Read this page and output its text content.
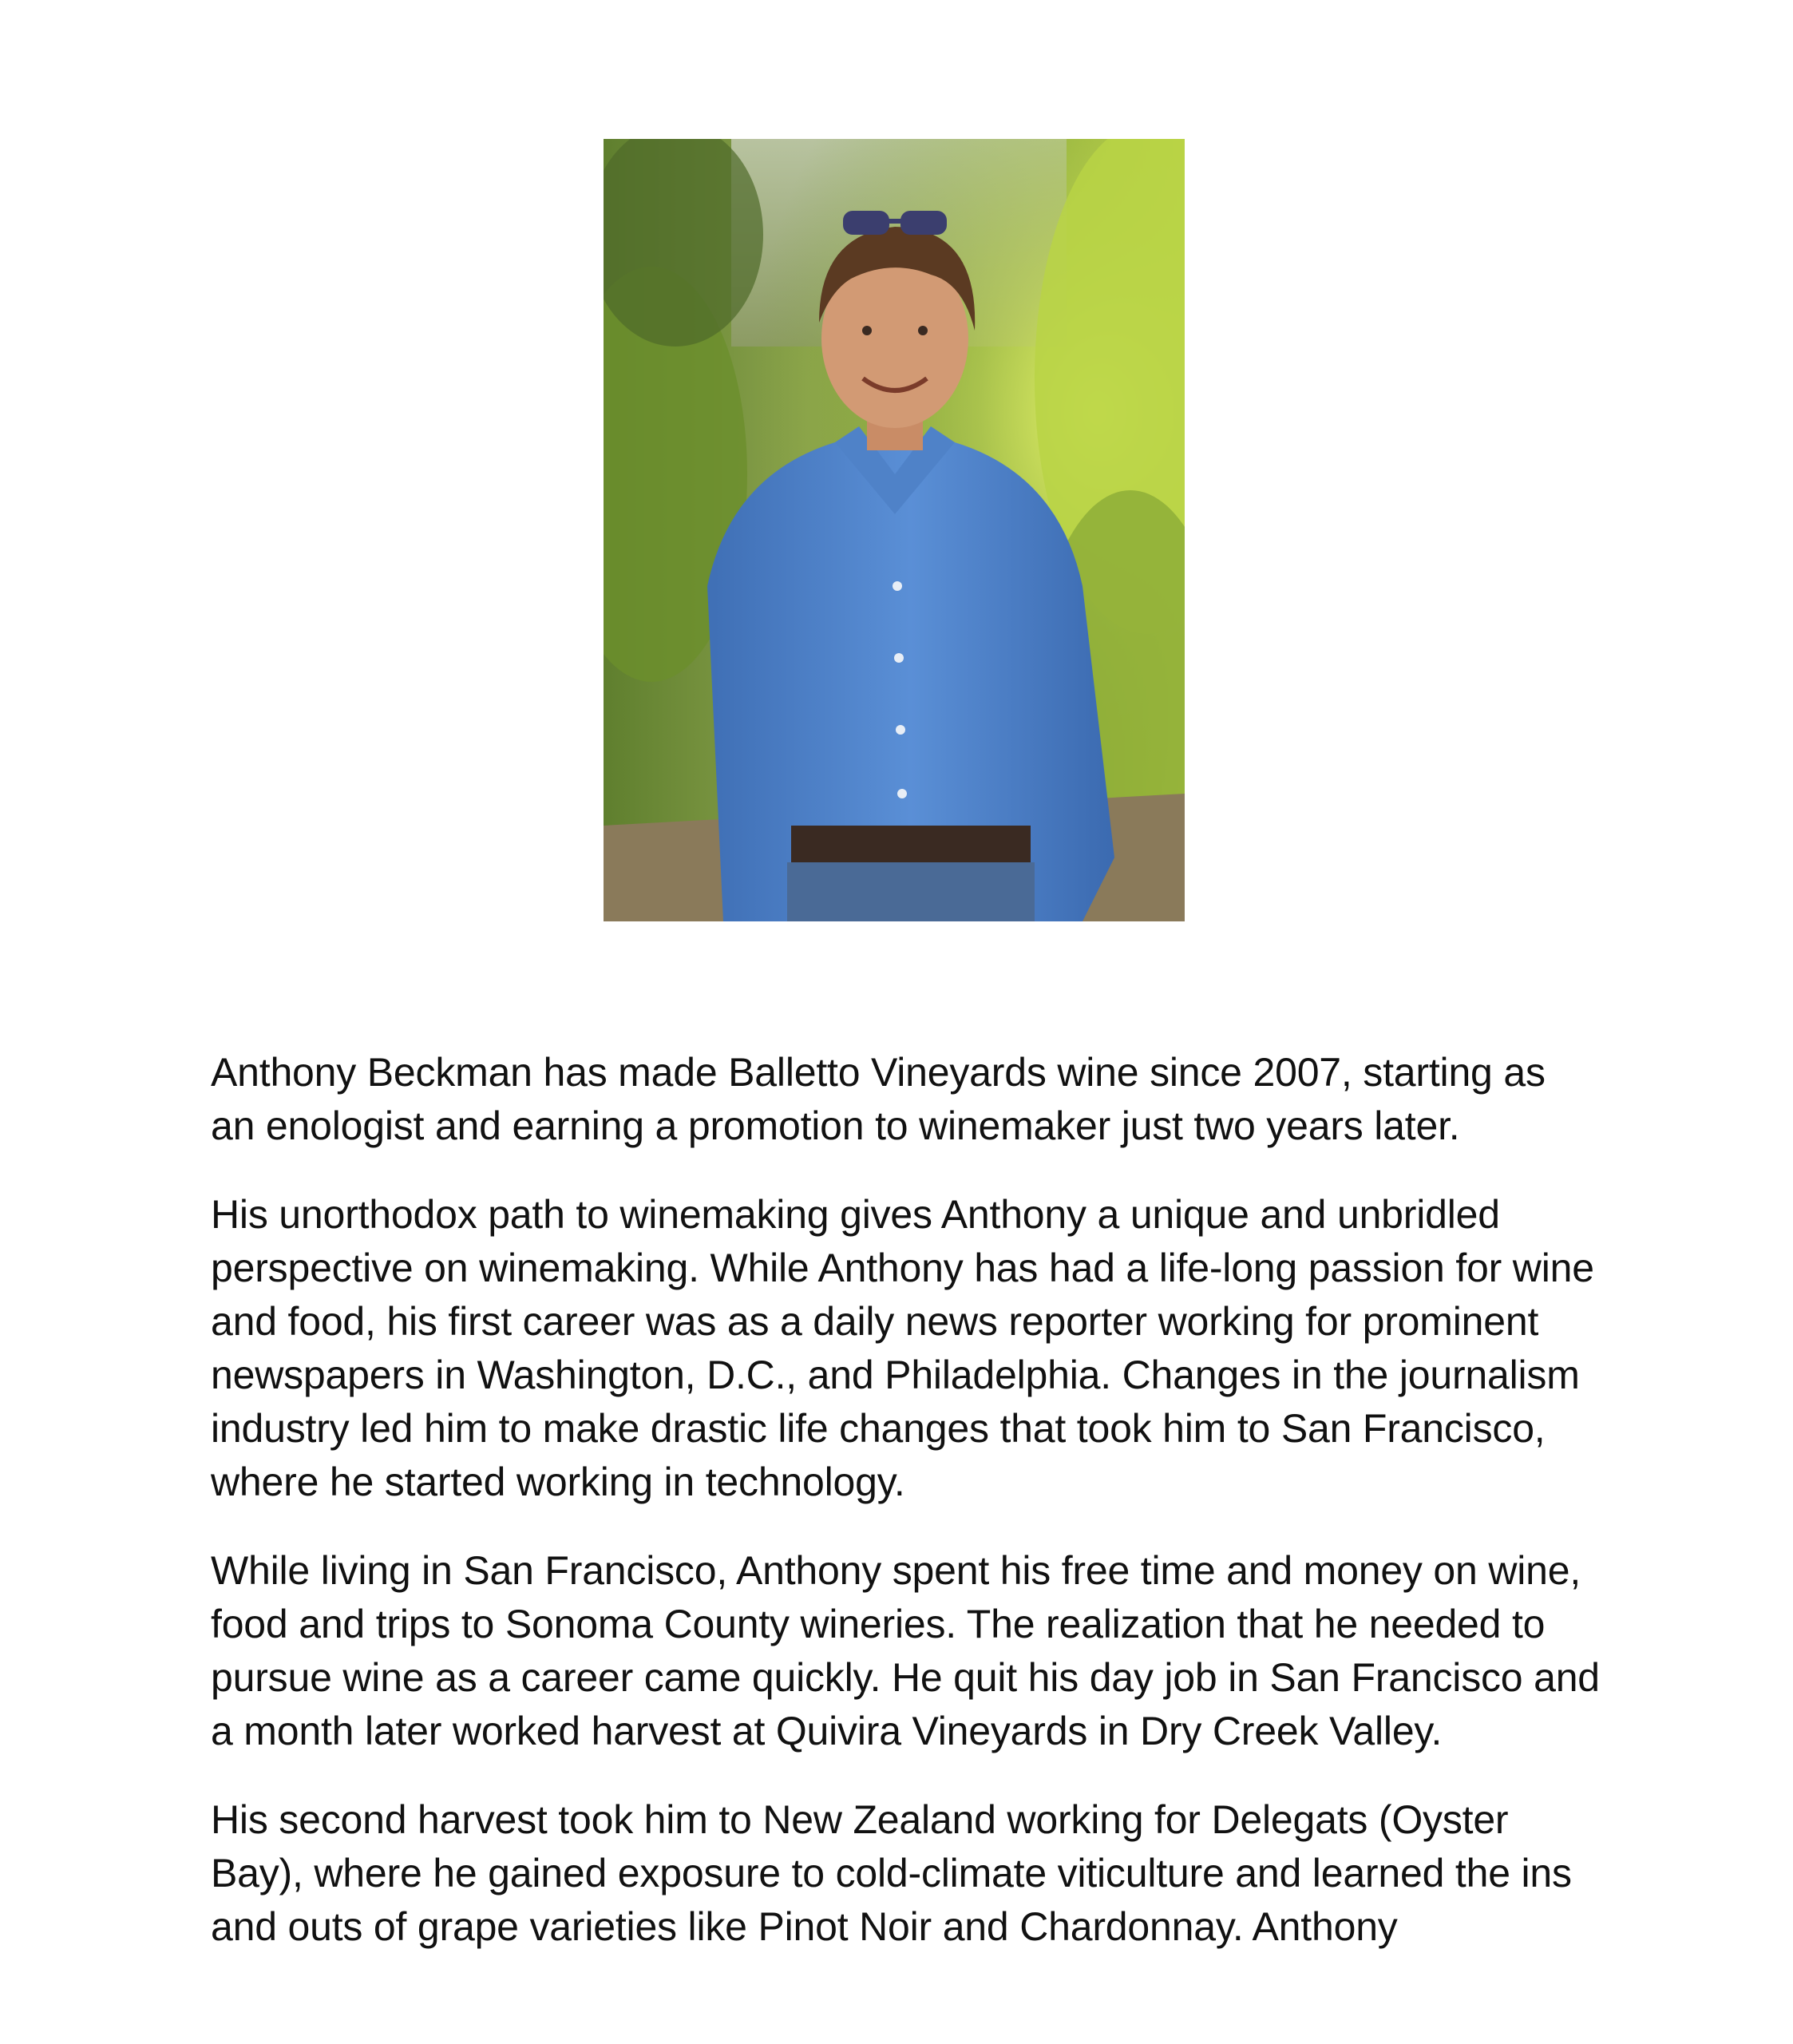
Anthony Beckman has made Balletto Vineyards wine since 2007, starting as an enologist and earning a promotion to winemaker just two years later.

His unorthodox path to winemaking gives Anthony a unique and unbridled perspective on winemaking. While Anthony has had a life-long passion for wine and food, his first career was as a daily news reporter working for prominent newspapers in Washington, D.C., and Philadelphia. Changes in the journalism industry led him to make drastic life changes that took him to San Francisco, where he started working in technology.

While living in San Francisco, Anthony spent his free time and money on wine, food and trips to Sonoma County wineries. The realization that he needed to pursue wine as a career came quickly. He quit his day job in San Francisco and a month later worked harvest at Quivira Vineyards in Dry Creek Valley.

His second harvest took him to New Zealand working for Delegats (Oyster Bay), where he gained exposure to cold-climate viticulture and learned the ins and outs of grape varieties like Pinot Noir and Chardonnay. Anthony
